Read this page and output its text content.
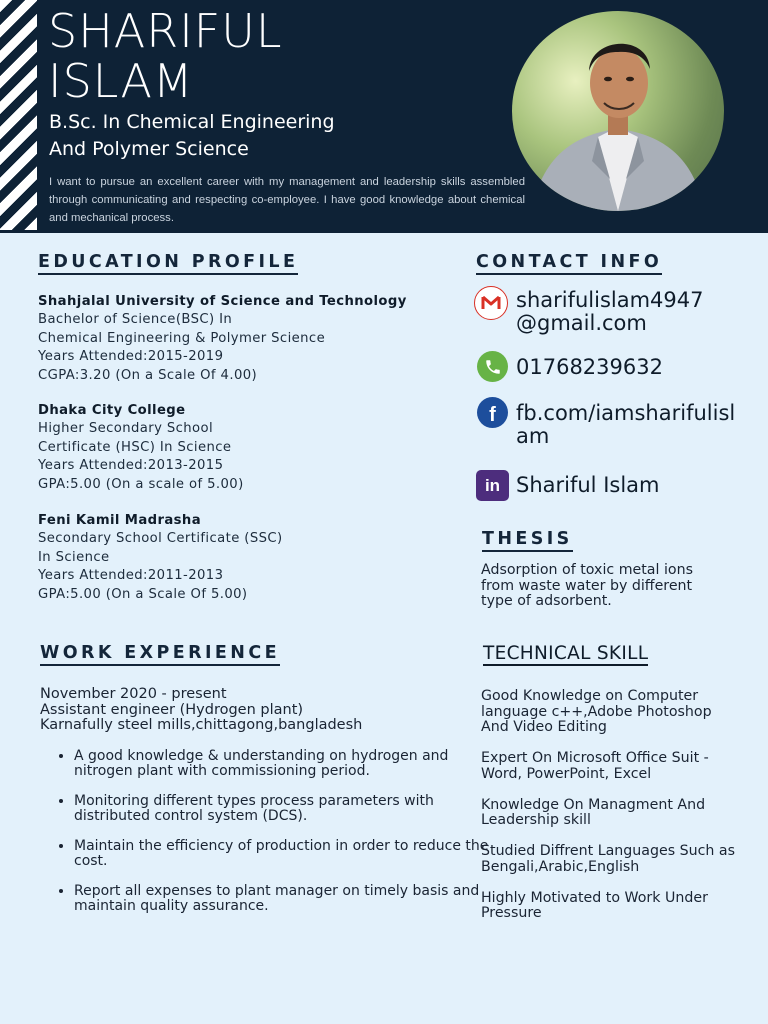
SHARIFUL
ISLAM
B.Sc. In Chemical Engineering
And Polymer Science

I want to pursue an excellent career with my management and leadership skills assembled through communicating and respecting co-employee. I have good knowledge about chemical and mechanical process.

EDUCATION PROFILE
Shahjalal University of Science and Technology
Bachelor of Science(BSC) In
Chemical Engineering & Polymer Science
Years Attended:2015-2019
CGPA:3.20 (On a Scale Of 4.00)
Dhaka City College
Higher Secondary School
Certificate (HSC) In Science
Years Attended:2013-2015
GPA:5.00 (On a scale of 5.00)
Feni Kamil Madrasha
Secondary School Certificate (SSC)
In Science
Years Attended:2011-2013
GPA:5.00 (On a Scale Of 5.00)
WORK EXPERIENCE
November 2020 - present
Assistant engineer (Hydrogen plant)
Karnafully steel mills,chittagong,bangladesh
• A good knowledge & understanding on hydrogen and nitrogen plant with commissioning period.
• Monitoring different types process parameters with distributed control system (DCS).
• Maintain the efficiency of production in order to reduce the cost.
• Report all expenses to plant manager on timely basis and maintain quality assurance.
CONTACT INFO
sharifulislam4947
@gmail.com
01768239632
f fb.com/iamsharifulisl
am
in Shariful Islam
THESIS
Adsorption of toxic metal ions from waste water by different type of adsorbent.
TECHNICAL SKILL
Good Knowledge on Computer language c++,Adobe Photoshop And Video Editing
Expert On Microsoft Office Suit - Word, PowerPoint, Excel
Knowledge On Managment And Leadership skill
Studied Diffrent Languages Such as Bengali,Arabic,English
Highly Motivated to Work Under Pressure
